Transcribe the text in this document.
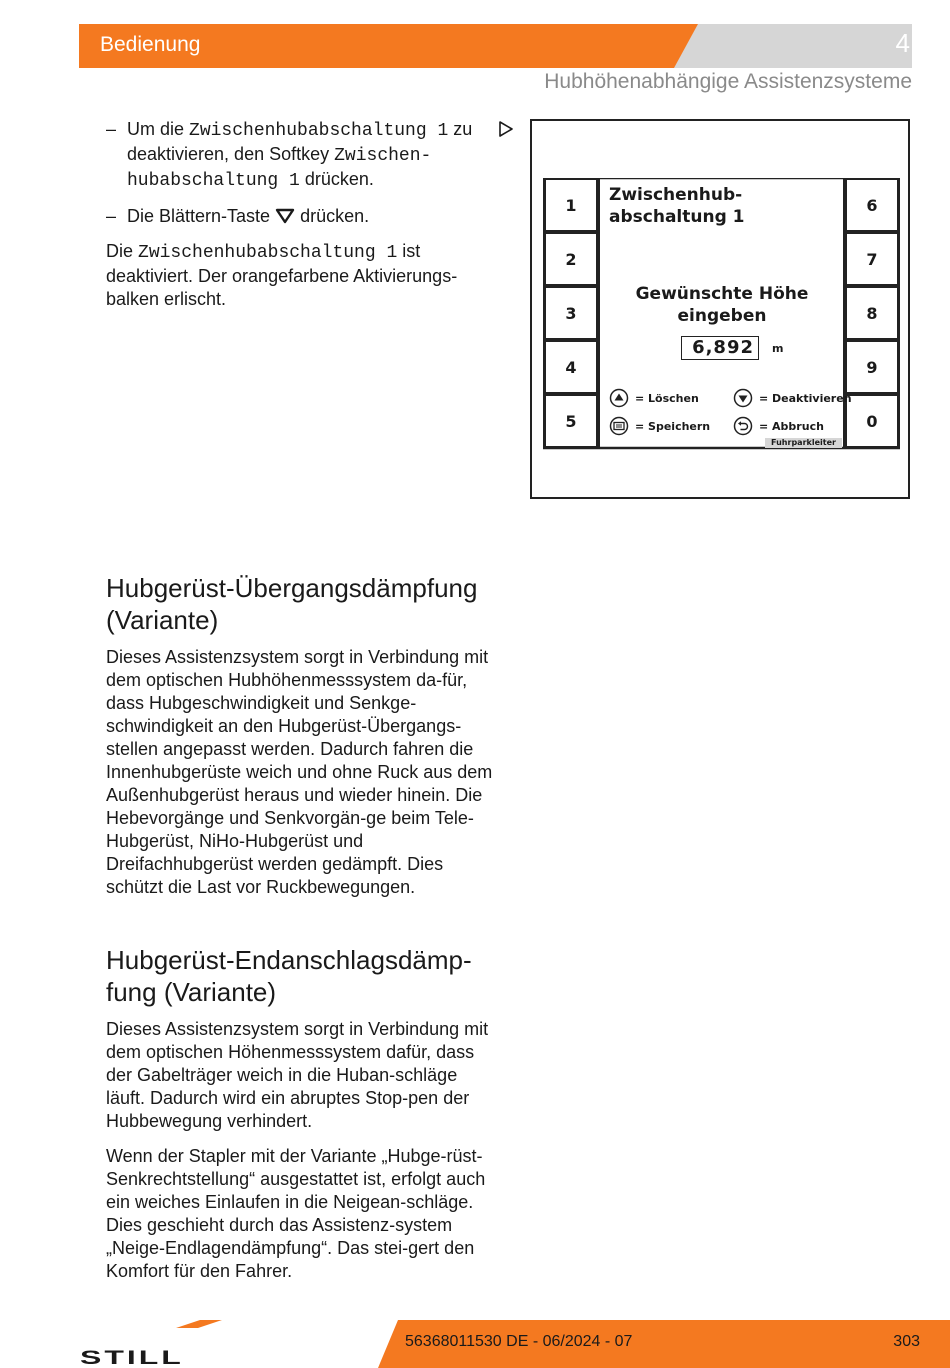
Bedienung	4
Hubhöhenabhängige Assistenzsysteme
– Um die Zwischenhubabschaltung 1 zu deaktivieren, den Softkey Zwischen-hubabschaltung 1 drücken.
– Die Blättern-Taste  drücken.

Die Zwischenhubabschaltung 1 ist deaktiviert. Der orangefarbene Aktivierungs-balken erlischt.

1
2
3
4
5
6
7
8
9
0
Zwischenhub-
abschaltung 1
Gewünschte Höhe
eingeben
6,892	m
= Löschen	= Deaktivieren
= Speichern	= Abbruch
Fuhrparkleiter
Hubgerüst-Übergangsdämpfung (Variante)

Dieses Assistenzsystem sorgt in Verbindung mit dem optischen Hubhöhenmesssystem da-für, dass Hubgeschwindigkeit und Senkge-schwindigkeit an den Hubgerüst-Übergangs-stellen angepasst werden. Dadurch fahren die Innenhubgerüste weich und ohne Ruck aus dem Außenhubgerüst heraus und wieder hinein. Die Hebevorgänge und Senkvorgän-ge beim Tele-Hubgerüst, NiHo-Hubgerüst und Dreifachhubgerüst werden gedämpft. Dies schützt die Last vor Ruckbewegungen.

Hubgerüst-Endanschlagsdämp-fung (Variante)

Dieses Assistenzsystem sorgt in Verbindung mit dem optischen Höhenmesssystem dafür, dass der Gabelträger weich in die Huban-schläge läuft. Dadurch wird ein abruptes Stop-pen der Hubbewegung verhindert.

Wenn der Stapler mit der Variante „Hubge-rüst-Senkrechtstellung“ ausgestattet ist, erfolgt auch ein weiches Einlaufen in die Neigean-schläge. Dies geschieht durch das Assistenz-system „Neige-Endlagendämpfung“. Das stei-gert den Komfort für den Fahrer.

STILL
56368011530 DE - 06/2024 - 07	303
